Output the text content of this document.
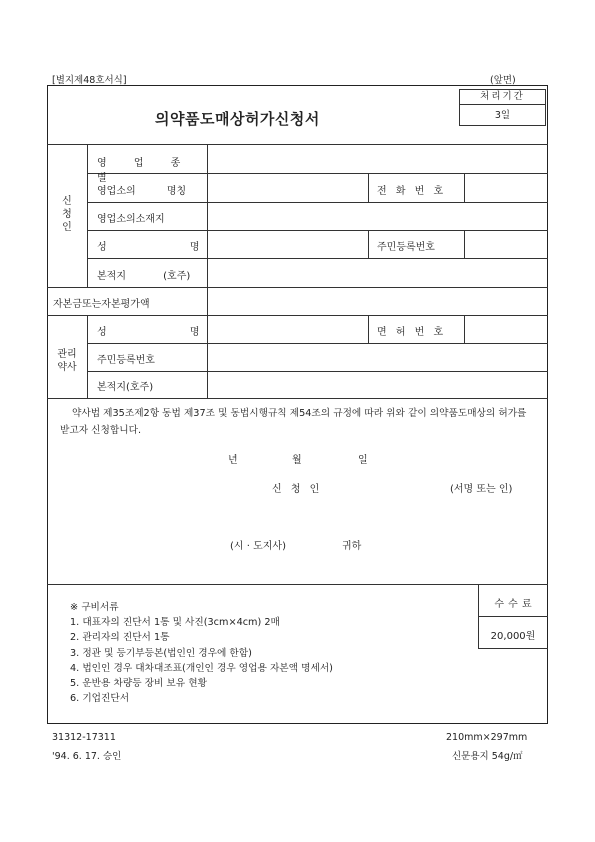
[별지제48호서식]	(앞면)
의약품도매상허가신청서
처리기간
3일
신
청
인
영 업 종 별
영업소의 명칭	전 화 번 호
영업소의소재지
성 명	주민등록번호
본적지 (호주)
자본금또는자본평가액
관리
약사
성 명	면 허 번 호
주민등록번호
본적지(호주)
약사법 제35조제2항 동법 제37조 및 동법시행규칙 제54조의 규정에 따라 위와 같이 의약품도매상의 허가를 받고자 신청합니다.
년	월	일
신 청 인	(서명 또는 인)
(시 · 도지사)	귀하
수 수 료
20,000원
※ 구비서류
1. 대표자의 진단서 1통 및 사진(3cm×4cm) 2매
2. 관리자의 진단서 1통
3. 정관 및 등기부등본(법인인 경우에 한함)
4. 법인인 경우 대차대조표(개인인 경우 영업용 자본액 명세서)
5. 운반용 차량등 장비 보유 현황
6. 기업진단서
31312-17311
'94. 6. 17. 승인
210mm×297mm
신문용지 54g/㎡
